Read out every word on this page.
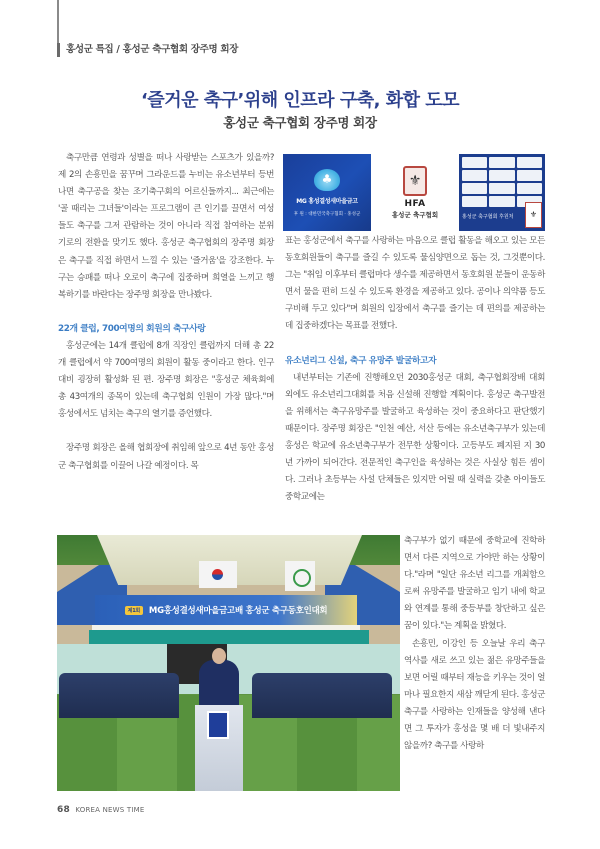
홍성군 특집 / 홍성군 축구협회 장주명 회장
‘즐거운 축구’위해 인프라 구축, 화합 도모
홍성군 축구협회 장주명 회장

축구만큼 연령과 성별을 떠나 사랑받는 스포츠가 있을까? 제 2의 손흥민을 꿈꾸며 그라운드를 누비는 유소년부터 등번 나면 축구공을 찾는 조기축구회의 어르신들까지... 최근에는 '골 때리는 그녀들'이라는 프로그램이 큰 인기를 끌면서 여성들도 축구를 그저 관람하는 것이 아니라 직접 참여하는 분위기로의 전환을 맞기도 했다. 홍성군 축구협회의 장주명 회장은 축구를 직접 하면서 느낄 수 있는 '즐거움'을 강조한다. 누구는 승패를 떠나 오로이 축구에 집중하며 희열을 느끼고 행복하기를 바란다는 장주명 회장을 만나봤다.

22개 클럽, 700여명의 회원의 축구사랑

홍성군에는 14개 클럽에 8개 직장인 클럽까지 더해 총 22개 클럽에서 약 700여명의 회원이 활동 중이라고 한다. 인구 대비 굉장히 활성화 된 편. 장주명 회장은 "홍성군 체육회에 총 43여개의 종목이 있는데 축구협회 인원이 가장 많다."며 홍성에서도 넘치는 축구의 열기를 증언했다.

장주명 회장은 올해 협회장에 취임해 앞으로 4년 동안 홍성군 축구협회를 이끌어 나갈 예정이다. 목

♣
MG 홍성결성새마을금고
후 원 : 대한민국축구협회 · 홍성군
⚜
HFA
홍성군 축구협회	홍성군 축구협회 후원처	⚜

표는 홍성군에서 축구를 사랑하는 마음으로 클럽 활동을 해오고 있는 모든 동호회원들이 축구를 즐길 수 있도록 물심양면으로 돕는 것, 그것뿐이다. 그는 "취임 이후부터 클럽마다 생수를 제공하면서 동호회원 분들이 운동하면서 물을 편히 드실 수 있도록 환경을 제공하고 있다. 공이나 의약품 등도 구비해 두고 있다"며 회원의 입장에서 축구를 즐기는 데 편의를 제공하는 데 집중하겠다는 목표를 전했다.

유소년리그 신설, 축구 유망주 발굴하고자

내년부터는 기존에 진행해오던 2030홍성군 대회, 축구협회장배 대회 외에도 유소년리그대회를 처음 신설해 진행할 계획이다. 홍성군 축구발전을 위해서는 축구유망주를 발굴하고 육성하는 것이 중요하다고 판단했기 때문이다. 장주명 회장은 "인천 예산, 서산 등에는 유소년축구부가 있는데 홍성은 학교에 유소년축구부가 전무한 상황이다. 고등부도 폐지된 지 30년 가까이 되어간다. 전문적인 축구인을 육성하는 것은 사실상 힘든 셈이다. 그러나 초등부는 사설 단체들은 있지만 어릴 때 실력을 갖춘 아이들도 중학교에는

축구부가 없기 때문에 중학교에 진학하면서 다른 지역으로 가야만 하는 상황이다."라며 "일단 유소년 리그를 개최함으로써 유망주를 발굴하고 임기 내에 학교와 연계를 통해 중등부를 창단하고 싶은 꿈이 있다."는 계획을 밝혔다.

손흥민, 이강인 등 오늘날 우리 축구 역사를 새로 쓰고 있는 젊은 유망주들을 보면 어릴 때부터 재능을 키우는 것이 얼마나 필요한지 새삼 깨닫게 된다. 홍성군 축구를 사랑하는 인재들을 양성해 낸다면 그 투자가 홍성을 몇 배 더 빛내주지 않을까? 축구를 사랑하

제1회	MG홍성결성새마을금고배 홍성군 축구동호인대회
68 KOREA NEWS TIME
